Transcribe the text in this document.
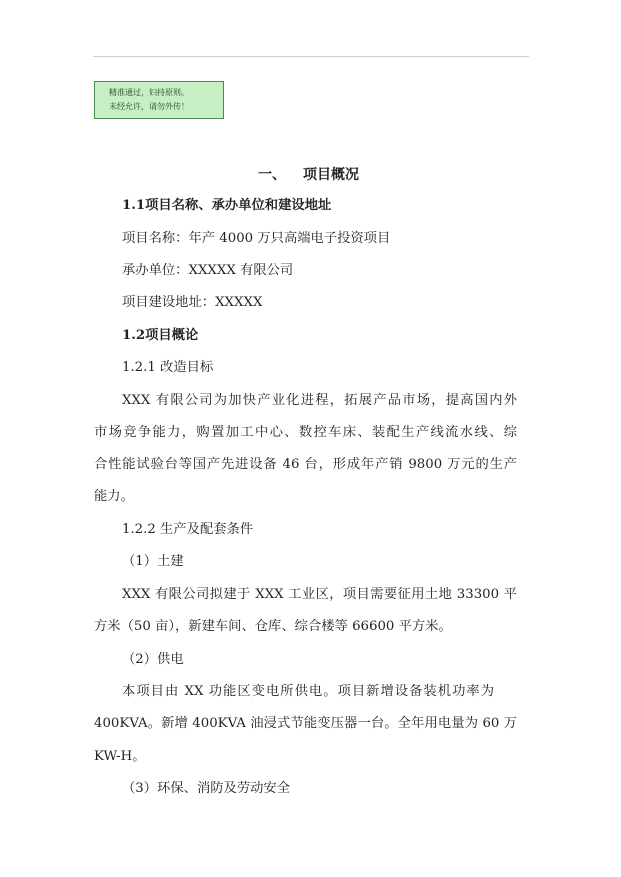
精准通过，妇持原则。
未经允许，请勿外传！
一、 项目概况
1.1项目名称、承办单位和建设地址
项目名称：年产 4000 万只高端电子投资项目
承办单位：XXXXX 有限公司
项目建设地址：XXXXX
1.2项目概论
1.2.1 改造目标
XXX 有限公司为加快产业化进程，拓展产品市场，提高国内外
市场竞争能力，购置加工中心、数控车床、装配生产线流水线、综
合性能试验台等国产先进设备 46 台，形成年产销 9800 万元的生产
能力。
1.2.2 生产及配套条件
（1）土建
XXX 有限公司拟建于 XXX 工业区，项目需要征用土地 33300 平
方米（50 亩），新建车间、仓库、综合楼等 66600 平方米。
（2）供电
本项目由 XX 功能区变电所供电。项目新增设备装机功率为
400KVA。新增 400KVA 油浸式节能变压器一台。全年用电量为 60 万
KW-H。
（3）环保、消防及劳动安全
